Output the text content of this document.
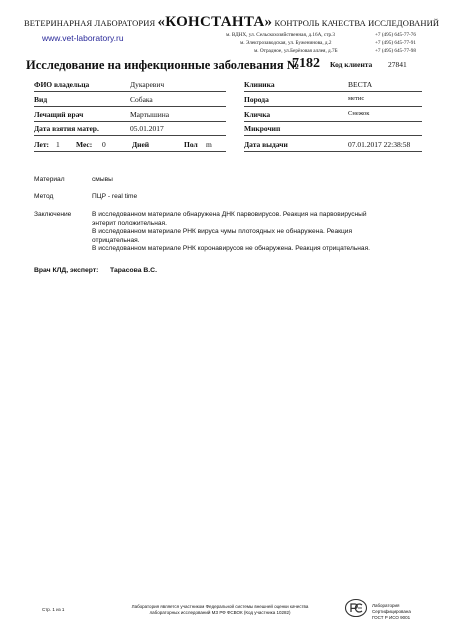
ВЕТЕРИНАРНАЯ ЛАБОРАТОРИЯ «КОНСТАНТА» КОНТРОЛЬ КАЧЕСТВА ИССЛЕДОВАНИЙ
www.vet-laboratory.ru	м. ВДНХ, ул. Сельскохозяйственная, д.16А, стр.3
м. Электрозаводская, ул. Буженинова, д.2
м. Отрадное, ул.Берёзовая аллея, д.7Б
+7 (495) 645-77-76
+7 (495) 645-77-91
+7 (495) 645-77-98
Исследование на инфекционные заболевания №
7182 Код клиента 27841
ФИО владельца	Дукаревич	Клиника	ВЕСТА
Вид	Собака	Порода	метис
Лечащий врач	Мартышина	Кличка	Снежок
Дата взятия матер.	05.01.2017	Микрочип
Лет: 1 Мес: 0	Дней	Пол m	Дата выдачи	07.01.2017 22:38:58
Материал	смывы
Метод	ПЦР - real time
Заключение	В исследованном материале обнаружена ДНК парвовирусов. Реакция на парвовирусный
энтерит положительная.
В исследованном материале РНК вируса чумы плотоядных не обнаружена. Реакция
отрицательная.
В исследованном материале РНК коронавирусов не обнаружена. Реакция отрицательная.
Врач КЛД, эксперт: Тарасова В.С.
Стр. 1 из 1
Лаборатория является участником Федеральной системы внешней оценки качества
лабораторных исследований МЗ РФ ФСВОК (Код участника 10282)
Лаборатория
Сертифицирована
ГОСТ Р ИСО 9001
